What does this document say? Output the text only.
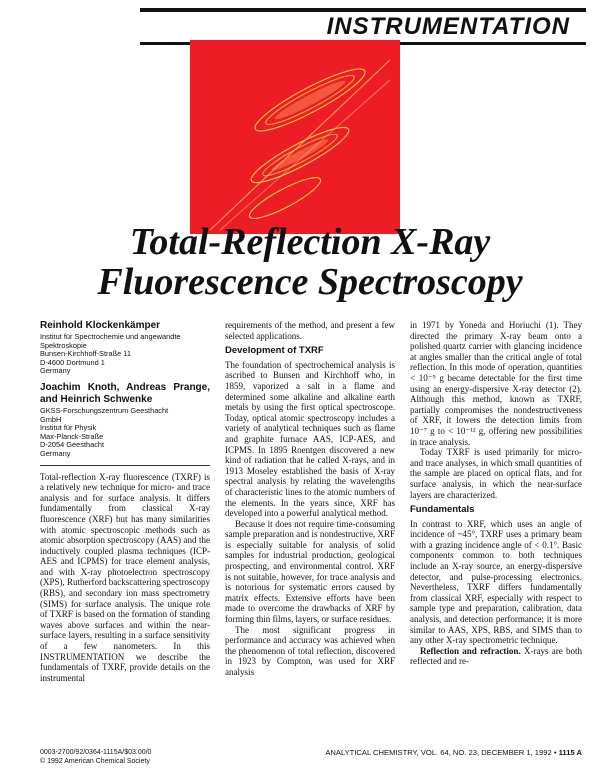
INSTRUMENTATION
Total-Reflection X-Ray
Fluorescence Spectroscopy

Reinhold Klockenkämper

Institut für Spectrochemie und angewandte
Spektroskopie
Bunsen-Kirchhoff-Straße 11
D-4600 Dortmund 1
Germany

Joachim Knoth, Andreas Prange, and Heinrich Schwenke

GKSS-Forschungszentrum Geesthacht
GmbH
Institut für Physik
Max-Planck-Straße
D-2054 Geesthacht
Germany

Total-reflection X-ray fluorescence (TXRF) is a relatively new technique for micro- and trace analysis and for surface analysis. It differs fundamentally from classical X-ray fluorescence (XRF) but has many similarities with atomic spectroscopic methods such as atomic absorption spectroscopy (AAS) and the inductively coupled plasma techniques (ICP-AES and ICPMS) for trace element analysis, and with X-ray photoelectron spectroscopy (XPS), Rutherford backscattering spectroscopy (RBS), and secondary ion mass spectrometry (SIMS) for surface analysis. The unique role of TXRF is based on the formation of standing waves above surfaces and within the near-surface layers, resulting in a surface sensitivity of a few nanometers. In this INSTRUMENTATION we describe the fundamentals of TXRF, provide details on the instrumental

requirements of the method, and present a few selected applications.

Development of TXRF

The foundation of spectrochemical analysis is ascribed to Bunsen and Kirchhoff who, in 1859, vaporized a salt in a flame and determined some alkaline and alkaline earth metals by using the first optical spectroscope. Today, optical atomic spectroscopy includes a variety of analytical techniques such as flame and graphite furnace AAS, ICP-AES, and ICPMS. In 1895 Roentgen discovered a new kind of radiation that he called X-rays, and in 1913 Moseley established the basis of X-ray spectral analysis by relating the wavelengths of characteristic lines to the atomic numbers of the elements. In the years since, XRF has developed into a powerful analytical method.

Because it does not require time-consuming sample preparation and is nondestructive, XRF is especially suitable for analysis of solid samples for industrial production, geological prospecting, and environmental control. XRF is not suitable, however, for trace analysis and is notorious for systematic errors caused by matrix effects. Extensive efforts have been made to overcome the drawbacks of XRF by forming thin films, layers, or surface residues.

The most significant progress in performance and accuracy was achieved when the phenomenon of total reflection, discovered in 1923 by Compton, was used for XRF analysis

in 1971 by Yoneda and Horiuchi (1). They directed the primary X-ray beam onto a polished quartz carrier with glancing incidence at angles smaller than the critical angle of total reflection. In this mode of operation, quantities < 10⁻⁹ g became detectable for the first time using an energy-dispersive X-ray detector (2). Although this method, known as TXRF, partially compromises the nondestructiveness of XRF, it lowers the detection limits from 10⁻⁷ g to < 10⁻¹² g, offering new possibilities in trace analysis.

Today TXRF is used primarily for micro- and trace analyses, in which small quantities of the sample are placed on optical flats, and for surface analysis, in which the near-surface layers are characterized.

Fundamentals

In contrast to XRF, which uses an angle of incidence of ~45°, TXRF uses a primary beam with a grazing incidence angle of < 0.1°. Basic components common to both techniques include an X-ray source, an energy-dispersive detector, and pulse-processing electronics. Nevertheless, TXRF differs fundamentally from classical XRF, especially with respect to sample type and preparation, calibration, data analysis, and detection performance; it is more similar to AAS, XPS, RBS, and SIMS than to any other X-ray spectrometric technique.

Reflection and refraction. X-rays are both reflected and re-

0003-2700/92/0364-1115A/$03.00/0
© 1992 American Chemical Society
ANALYTICAL CHEMISTRY, VOL. 64, NO. 23, DECEMBER 1, 1992 • 1115 A
